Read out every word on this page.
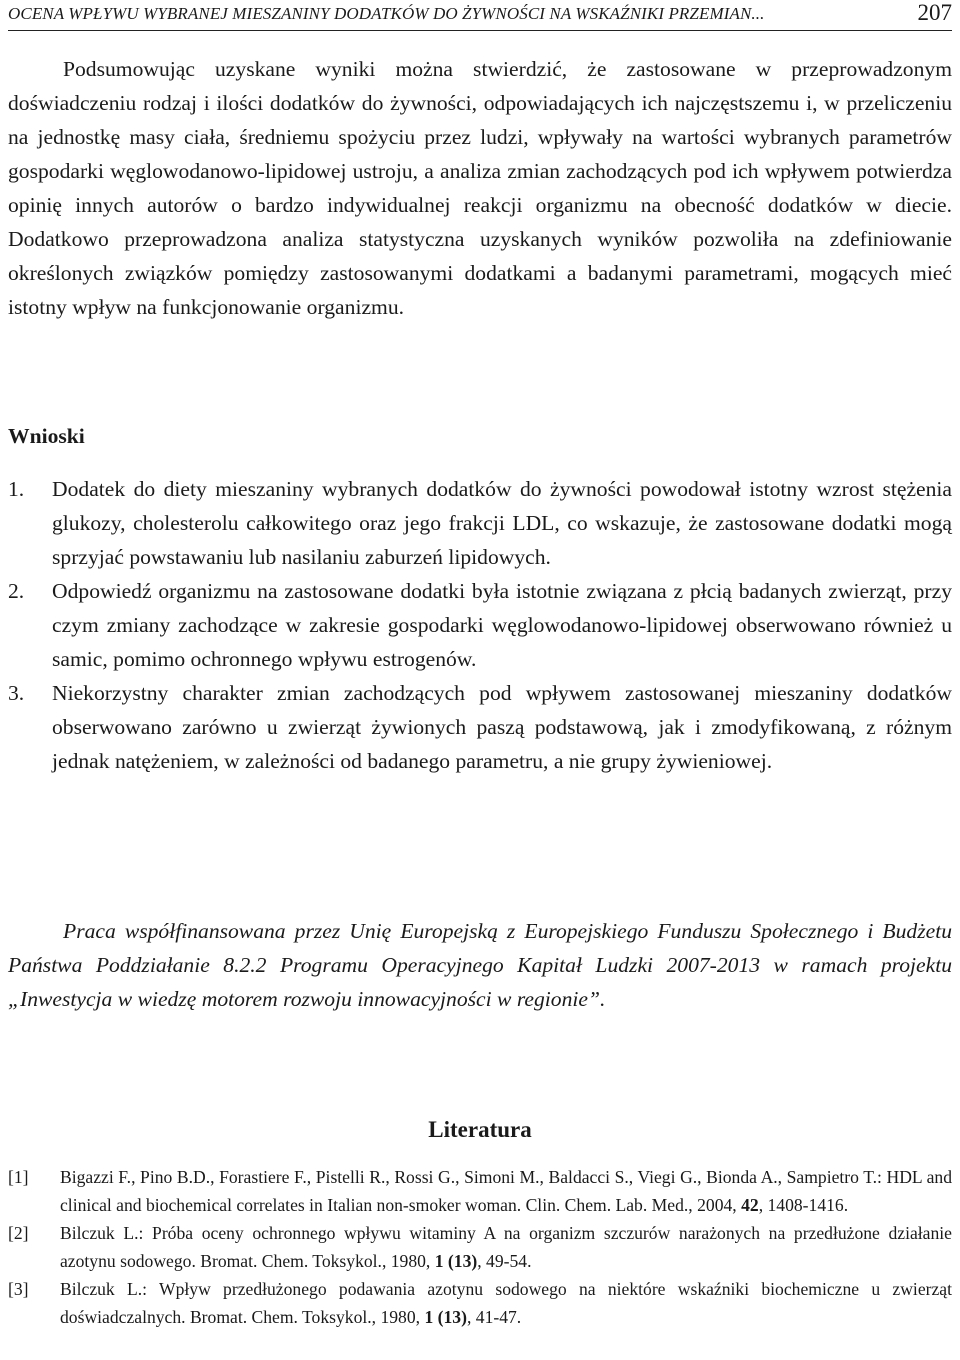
OCENA WPŁYWU WYBRANEJ MIESZANINY DODATKÓW DO ŻYWNOŚCI NA WSKAŹNIKI PRZEMIAN...	207

Podsumowując uzyskane wyniki można stwierdzić, że zastosowane w przeprowadzonym doświadczeniu rodzaj i ilości dodatków do żywności, odpowiadających ich najczęstszemu i, w przeliczeniu na jednostkę masy ciała, średniemu spożyciu przez ludzi, wpływały na wartości wybranych parametrów gospodarki węglowodanowo-lipidowej ustroju, a analiza zmian zachodzących pod ich wpływem potwierdza opinię innych autorów o bardzo indywidualnej reakcji organizmu na obecność dodatków w diecie. Dodatkowo przeprowadzona analiza statystyczna uzyskanych wyników pozwoliła na zdefiniowanie określonych związków pomiędzy zastosowanymi dodatkami a badanymi parametrami, mogących mieć istotny wpływ na funkcjonowanie organizmu.

Wnioski
1. Dodatek do diety mieszaniny wybranych dodatków do żywności powodował istotny wzrost stężenia glukozy, cholesterolu całkowitego oraz jego frakcji LDL, co wskazuje, że zastosowane dodatki mogą sprzyjać powstawaniu lub nasilaniu zaburzeń lipidowych.
2. Odpowiedź organizmu na zastosowane dodatki była istotnie związana z płcią badanych zwierząt, przy czym zmiany zachodzące w zakresie gospodarki węglowodanowo-lipidowej obserwowano również u samic, pomimo ochronnego wpływu estrogenów.
3. Niekorzystny charakter zmian zachodzących pod wpływem zastosowanej mieszaniny dodatków obserwowano zarówno u zwierząt żywionych paszą podstawową, jak i zmodyfikowaną, z różnym jednak natężeniem, w zależności od badanego parametru, a nie grupy żywieniowej.

Praca współfinansowana przez Unię Europejską z Europejskiego Funduszu Społecznego i Budżetu Państwa Poddziałanie 8.2.2 Programu Operacyjnego Kapitał Ludzki 2007-2013 w ramach projektu „Inwestycja w wiedzę motorem rozwoju innowacyjności w regionie”.

Literatura
[1] Bigazzi F., Pino B.D., Forastiere F., Pistelli R., Rossi G., Simoni M., Baldacci S., Viegi G., Bionda A., Sampietro T.: HDL and clinical and biochemical correlates in Italian non-smoker woman. Clin. Chem. Lab. Med., 2004, 42, 1408-1416.
[2] Bilczuk L.: Próba oceny ochronnego wpływu witaminy A na organizm szczurów narażonych na przedłużone działanie azotynu sodowego. Bromat. Chem. Toksykol., 1980, 1 (13), 49-54.
[3] Bilczuk L.: Wpływ przedłużonego podawania azotynu sodowego na niektóre wskaźniki biochemiczne u zwierząt doświadczalnych. Bromat. Chem. Toksykol., 1980, 1 (13), 41-47.
